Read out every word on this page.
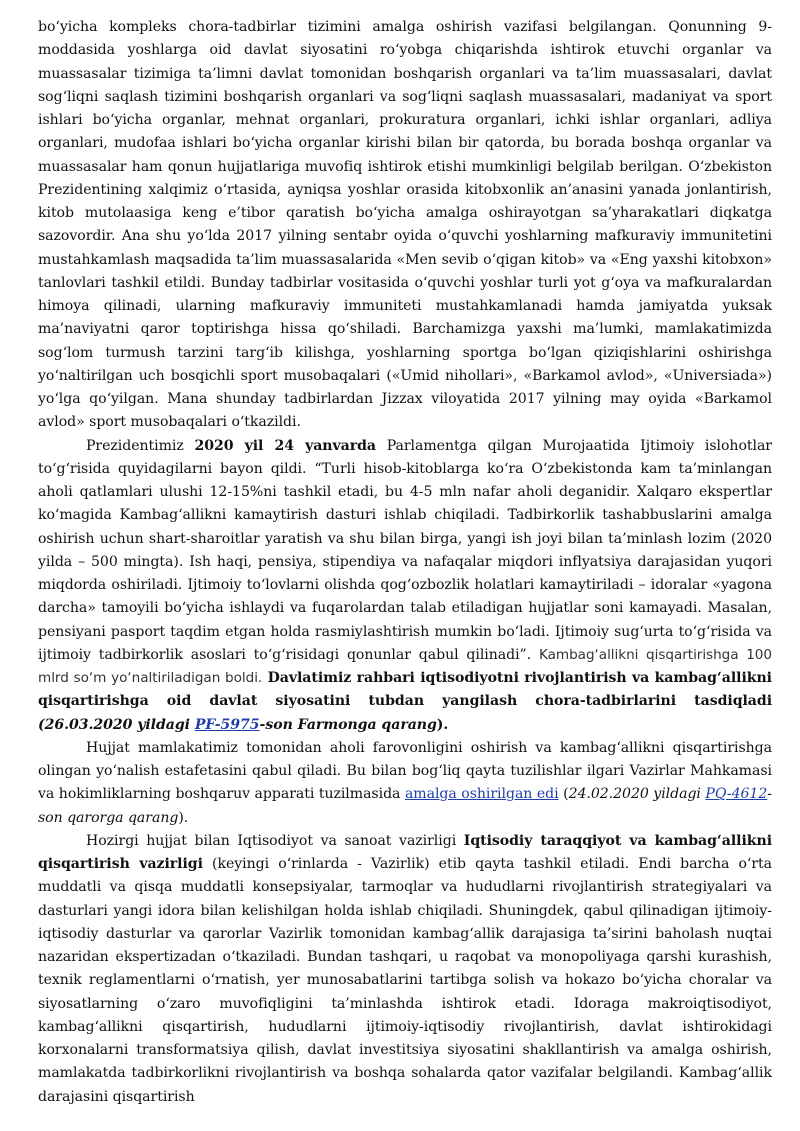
bo‘yicha kompleks chora-tadbirlar tizimini amalga oshirish vazifasi belgilangan. Qonunning 9-moddasida yoshlarga oid davlat siyosatini ro‘yobga chiqarishda ishtirok etuvchi organlar va muassasalar tizimiga ta’limni davlat tomonidan boshqarish organlari va ta’lim muassasalari, davlat sog‘liqni saqlash tizimini boshqarish organlari va sog‘liqni saqlash muassasalari, madaniyat va sport ishlari bo‘yicha organlar, mehnat organlari, prokuratura organlari, ichki ishlar organlari, adliya organlari, mudofaa ishlari bo‘yicha organlar kirishi bilan bir qatorda, bu borada boshqa organlar va muassasalar ham qonun hujjatlariga muvofiq ishtirok etishi mumkinligi belgilab berilgan. O‘zbekiston Prezidentining xalqimiz o‘rtasida, ayniqsa yoshlar orasida kitobxonlik an’anasini yanada jonlantirish, kitob mutolaasiga keng e’tibor qaratish bo‘yicha amalga oshirayotgan sa’yharakatlari diqkatga sazovordir. Ana shu yo‘lda 2017 yilning sentabr oyida o‘quvchi yoshlarning mafkuraviy immunitetini mustahkamlash maqsadida ta’lim muassasalarida «Men sevib o‘qigan kitob» va «Eng yaxshi kitobxon» tanlovlari tashkil etildi. Bunday tadbirlar vositasida o‘quvchi yoshlar turli yot g‘oya va mafkuralardan himoya qilinadi, ularning mafkuraviy immuniteti mustahkamlanadi hamda jamiyatda yuksak ma’naviyatni qaror toptirishga hissa qo‘shiladi. Barchamizga yaxshi ma’lumki, mamlakatimizda sog‘lom turmush tarzini targ‘ib kilishga, yoshlarning sportga bo‘lgan qiziqishlarini oshirishga yo‘naltirilgan uch bosqichli sport musobaqalari («Umid nihollari», «Barkamol avlod», «Universiada») yo‘lga qo‘yilgan. Mana shunday tadbirlardan Jizzax viloyatida 2017 yilning may oyida «Barkamol avlod» sport musobaqalari o‘tkazildi.

Prezidentimiz 2020 yil 24 yanvarda Parlamentga qilgan Murojaatida Ijtimoiy islohotlar to‘g‘risida quyidagilarni bayon qildi. “Turli hisob-kitoblarga ko‘ra O‘zbekistonda kam ta’minlangan aholi qatlamlari ulushi 12-15%ni tashkil etadi, bu 4-5 mln nafar aholi deganidir. Xalqaro ekspertlar ko‘magida Kambag‘allikni kamaytirish dasturi ishlab chiqiladi. Tadbirkorlik tashabbuslarini amalga oshirish uchun shart-sharoitlar yaratish va shu bilan birga, yangi ish joyi bilan ta’minlash lozim (2020 yilda – 500 mingta). Ish haqi, pensiya, stipendiya va nafaqalar miqdori inflyatsiya darajasidan yuqori miqdorda oshiriladi. Ijtimoiy to‘lovlarni olishda qog‘ozbozlik holatlari kamaytiriladi – idoralar «yagona darcha» tamoyili bo‘yicha ishlaydi va fuqarolardan talab etiladigan hujjatlar soni kamayadi. Masalan, pensiyani pasport taqdim etgan holda rasmiylashtirish mumkin bo‘ladi. Ijtimoiy sug‘urta to‘g‘risida va ijtimoiy tadbirkorlik asoslari to‘g‘risidagi qonunlar qabul qilinadi”. Kambag‘allikni qisqartirishga 100 mlrd so‘m yo‘naltiriladigan boldi. Davlatimiz rahbari iqtisodiyotni rivojlantirish va kambag‘allikni qisqartirishga oid davlat siyosatini tubdan yangilash chora-tadbirlarini tasdiqladi (26.03.2020 yildagi PF-5975-son Farmonga qarang).

Hujjat mamlakatimiz tomonidan aholi farovonligini oshirish va kambag‘allikni qisqartirishga olingan yo‘nalish estafetasini qabul qiladi. Bu bilan bog‘liq qayta tuzilishlar ilgari Vazirlar Mahkamasi va hokimliklarning boshqaruv apparati tuzilmasida amalga oshirilgan edi (24.02.2020 yildagi PQ-4612-son qarorga qarang).

Hozirgi hujjat bilan Iqtisodiyot va sanoat vazirligi Iqtisodiy taraqqiyot va kambag‘allikni qisqartirish vazirligi (keyingi o‘rinlarda - Vazirlik) etib qayta tashkil etiladi. Endi barcha o‘rta muddatli va qisqa muddatli konsepsiyalar, tarmoqlar va hududlarni rivojlantirish strategiyalari va dasturlari yangi idora bilan kelishilgan holda ishlab chiqiladi. Shuningdek, qabul qilinadigan ijtimoiy-iqtisodiy dasturlar va qarorlar Vazirlik tomonidan kambag‘allik darajasiga ta’sirini baholash nuqtai nazaridan ekspertizadan o‘tkaziladi. Bundan tashqari, u raqobat va monopoliyaga qarshi kurashish, texnik reglamentlarni o‘rnatish, yer munosabatlarini tartibga solish va hokazo bo‘yicha choralar va siyosatlarning o‘zaro muvofiqligini ta’minlashda ishtirok etadi. Idoraga makroiqtisodiyot, kambag‘allikni qisqartirish, hududlarni ijtimoiy-iqtisodiy rivojlantirish, davlat ishtirokidagi korxonalarni transformatsiya qilish, davlat investitsiya siyosatini shakllantirish va amalga oshirish, mamlakatda tadbirkorlikni rivojlantirish va boshqa sohalarda qator vazifalar belgilandi. Kambag‘allik darajasini qisqartirish
